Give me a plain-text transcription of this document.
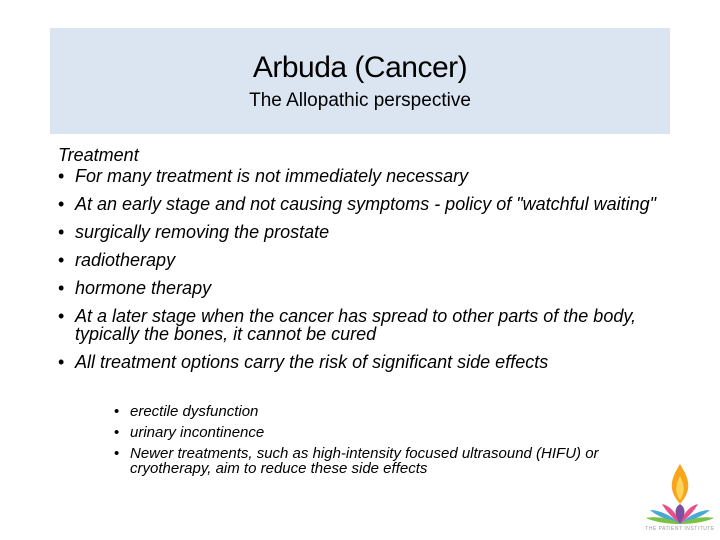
Arbuda (Cancer)
The Allopathic perspective

Treatment

• For many treatment is not immediately necessary
• At an early stage and not causing symptoms - policy of "watchful waiting"
• surgically removing the prostate
• radiotherapy
• hormone therapy
• At a later stage when the cancer has spread to other parts of the body, typically the bones, it cannot be cured
• All treatment options carry the risk of significant side effects
• erectile dysfunction
• urinary incontinence
• Newer treatments, such as high-intensity focused ultrasound (HIFU) or cryotherapy, aim to reduce these side effects
THE PATIENT INSTITUTE
